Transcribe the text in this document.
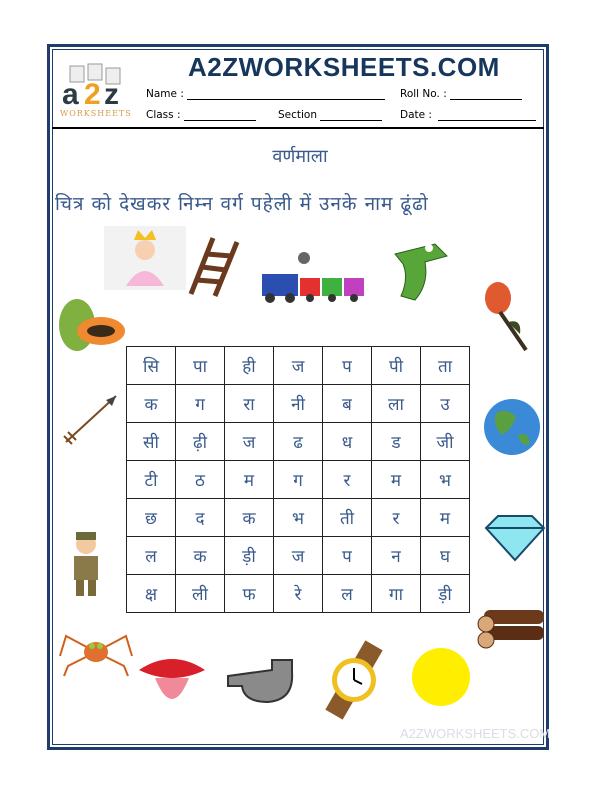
a 2 z
WORKSHEETS
A2ZWORKSHEETS.COM
Name :	Roll No. :
Class :	Section	Date :
वर्णमाला
चित्र को देखकर निम्न वर्ग पहेली में उनके नाम ढूंढो
A2ZWORKSHEETS.COM
सि	पा	ही	ज	प	पी	ता
क	ग	रा	नी	ब	ला	उ
सी	ढ़ी	ज	ढ	ध	ड	जी
टी	ठ	म	ग	र	म	भ
छ	द	क	भ	ती	र	म
ल	क	ड़ी	ज	प	न	घ
क्ष	ली	फ	रे	ल	गा	ड़ी
